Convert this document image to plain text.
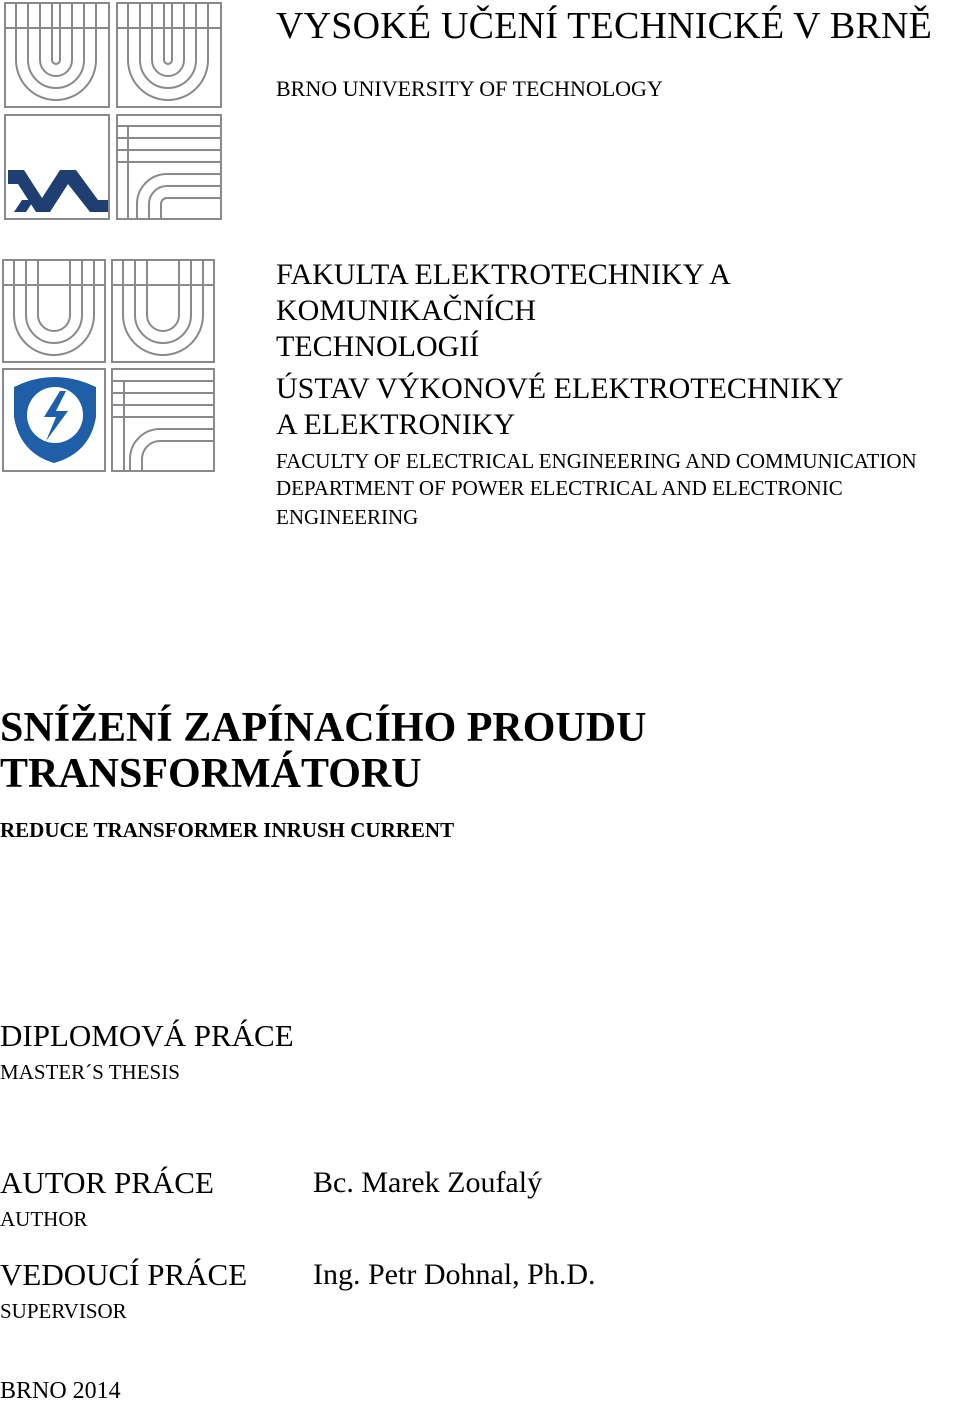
VYSOKÉ UČENÍ TECHNICKÉ V BRNĚ
BRNO UNIVERSITY OF TECHNOLOGY
FAKULTA ELEKTROTECHNIKY A
KOMUNIKAČNÍCH
TECHNOLOGIÍ
ÚSTAV VÝKONOVÉ ELEKTROTECHNIKY
A ELEKTRONIKY
FACULTY OF ELECTRICAL ENGINEERING AND COMMUNICATION
DEPARTMENT OF POWER ELECTRICAL AND ELECTRONIC
ENGINEERING
SNÍŽENÍ ZAPÍNACÍHO PROUDU
TRANSFORMÁTORU
REDUCE TRANSFORMER INRUSH CURRENT
DIPLOMOVÁ PRÁCE
MASTER´S THESIS
AUTOR PRÁCE
AUTHOR
Bc. Marek Zoufalý
VEDOUCÍ PRÁCE
SUPERVISOR
Ing. Petr Dohnal, Ph.D.
BRNO 2014
